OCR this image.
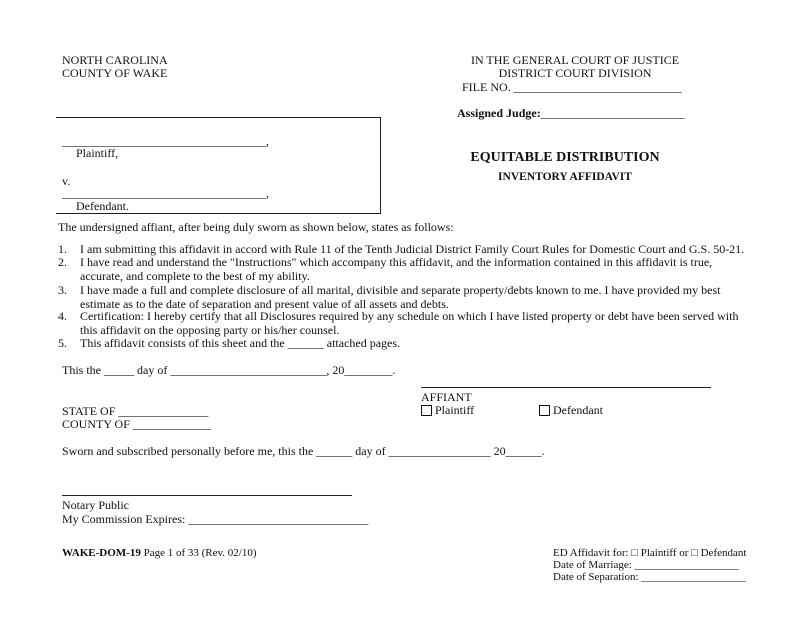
NORTH CAROLINA
COUNTY OF WAKE
IN THE GENERAL COURT OF JUSTICE
DISTRICT COURT DIVISION
FILE NO. ____________________________
Assigned Judge:________________________
__________________________________,
Plaintiff,
v.
__________________________________,
Defendant.
EQUITABLE DISTRIBUTION
INVENTORY AFFIDAVIT
The undersigned affiant, after being duly sworn as shown below, states as follows:
1. I am submitting this affidavit in accord with Rule 11 of the Tenth Judicial District Family Court Rules for Domestic Court and G.S. 50-21.
2. I have read and understand the "Instructions" which accompany this affidavit, and the information contained in this affidavit is true, accurate, and complete to the best of my ability.
3. I have made a full and complete disclosure of all marital, divisible and separate property/debts known to me. I have provided my best estimate as to the date of separation and present value of all assets and debts.
4. Certification: I hereby certify that all Disclosures required by any schedule on which I have listed property or debt have been served with this affidavit on the opposing party or his/her counsel.
5. This affidavit consists of this sheet and the ______ attached pages.
This the _____ day of __________________________, 20________.
AFFIANT
Plaintiff	Defendant
STATE OF _______________
COUNTY OF _____________
Sworn and subscribed personally before me, this the ______ day of _________________ 20______.
Notary Public
My Commission Expires: ______________________________
WAKE-DOM-19 Page 1 of 33 (Rev. 02/10)	ED Affidavit for: □ Plaintiff or □ Defendant
Date of Marriage: ___________________
Date of Separation: ___________________
